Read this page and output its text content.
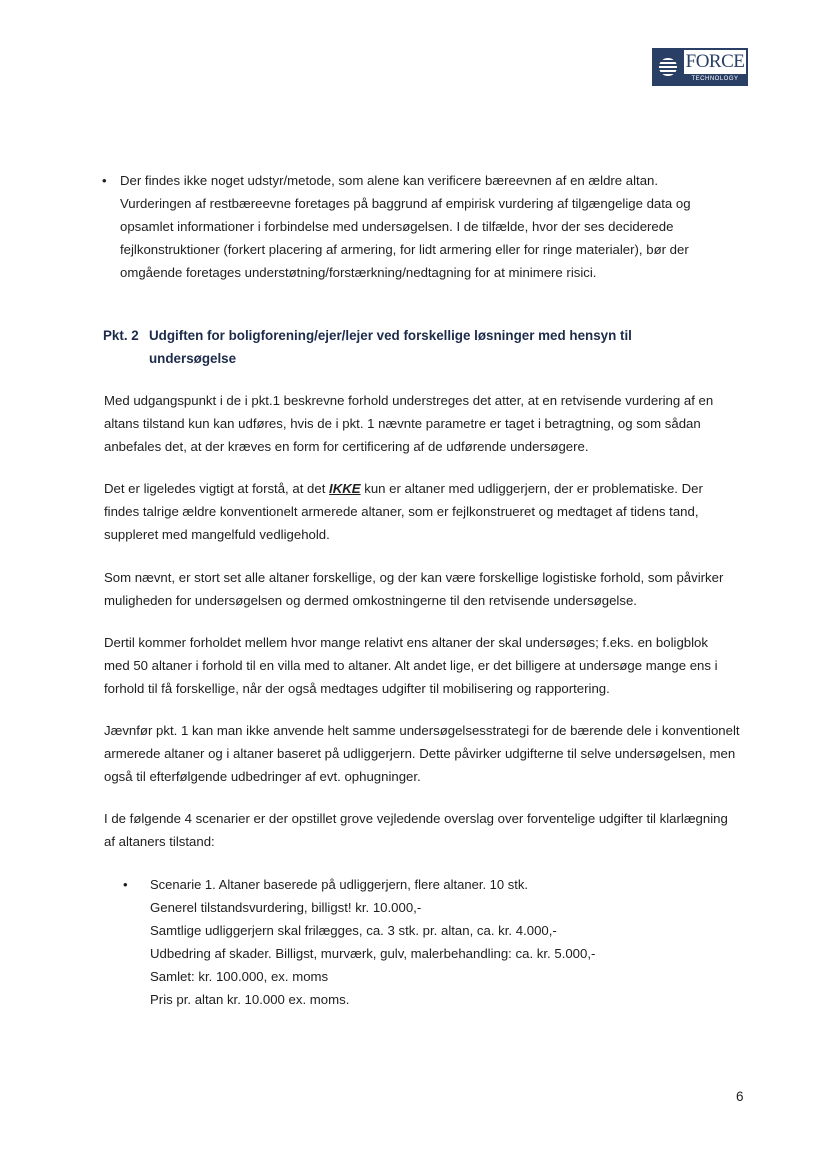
FORCE
TECHNOLOGY
• Der findes ikke noget udstyr/metode, som alene kan verificere bæreevnen af en ældre altan.
Vurderingen af restbæreevne foretages på baggrund af empirisk vurdering af tilgængelige data og
opsamlet informationer i forbindelse med undersøgelsen. I de tilfælde, hvor der ses deciderede
fejlkonstruktioner (forkert placering af armering, for lidt armering eller for ringe materialer), bør der
omgående foretages understøtning/forstærkning/nedtagning for at minimere risici.
Pkt. 2 Udgiften for boligforening/ejer/lejer ved forskellige løsninger med hensyn til
undersøgelse
Med udgangspunkt i de i pkt.1 beskrevne forhold understreges det atter, at en retvisende vurdering af en
altans tilstand kun kan udføres, hvis de i pkt. 1 nævnte parametre er taget i betragtning, og som sådan
anbefales det, at der kræves en form for certificering af de udførende undersøgere.
Det er ligeledes vigtigt at forstå, at det IKKE kun er altaner med udliggerjern, der er problematiske. Der
findes talrige ældre konventionelt armerede altaner, som er fejlkonstrueret og medtaget af tidens tand,
suppleret med mangelfuld vedligehold.
Som nævnt, er stort set alle altaner forskellige, og der kan være forskellige logistiske forhold, som påvirker
muligheden for undersøgelsen og dermed omkostningerne til den retvisende undersøgelse.
Dertil kommer forholdet mellem hvor mange relativt ens altaner der skal undersøges; f.eks. en boligblok
med 50 altaner i forhold til en villa med to altaner. Alt andet lige, er det billigere at undersøge mange ens i
forhold til få forskellige, når der også medtages udgifter til mobilisering og rapportering.
Jævnfør pkt. 1 kan man ikke anvende helt samme undersøgelsesstrategi for de bærende dele i konventionelt
armerede altaner og i altaner baseret på udliggerjern. Dette påvirker udgifterne til selve undersøgelsen, men
også til efterfølgende udbedringer af evt. ophugninger.
I de følgende 4 scenarier er der opstillet grove vejledende overslag over forventelige udgifter til klarlægning
af altaners tilstand:
• Scenarie 1. Altaner baserede på udliggerjern, flere altaner. 10 stk.
Generel tilstandsvurdering, billigst! kr. 10.000,-
Samtlige udliggerjern skal frilægges, ca. 3 stk. pr. altan, ca. kr. 4.000,-
Udbedring af skader. Billigst, murværk, gulv, malerbehandling: ca. kr. 5.000,-
Samlet: kr. 100.000, ex. moms
Pris pr. altan kr. 10.000 ex. moms.
6
